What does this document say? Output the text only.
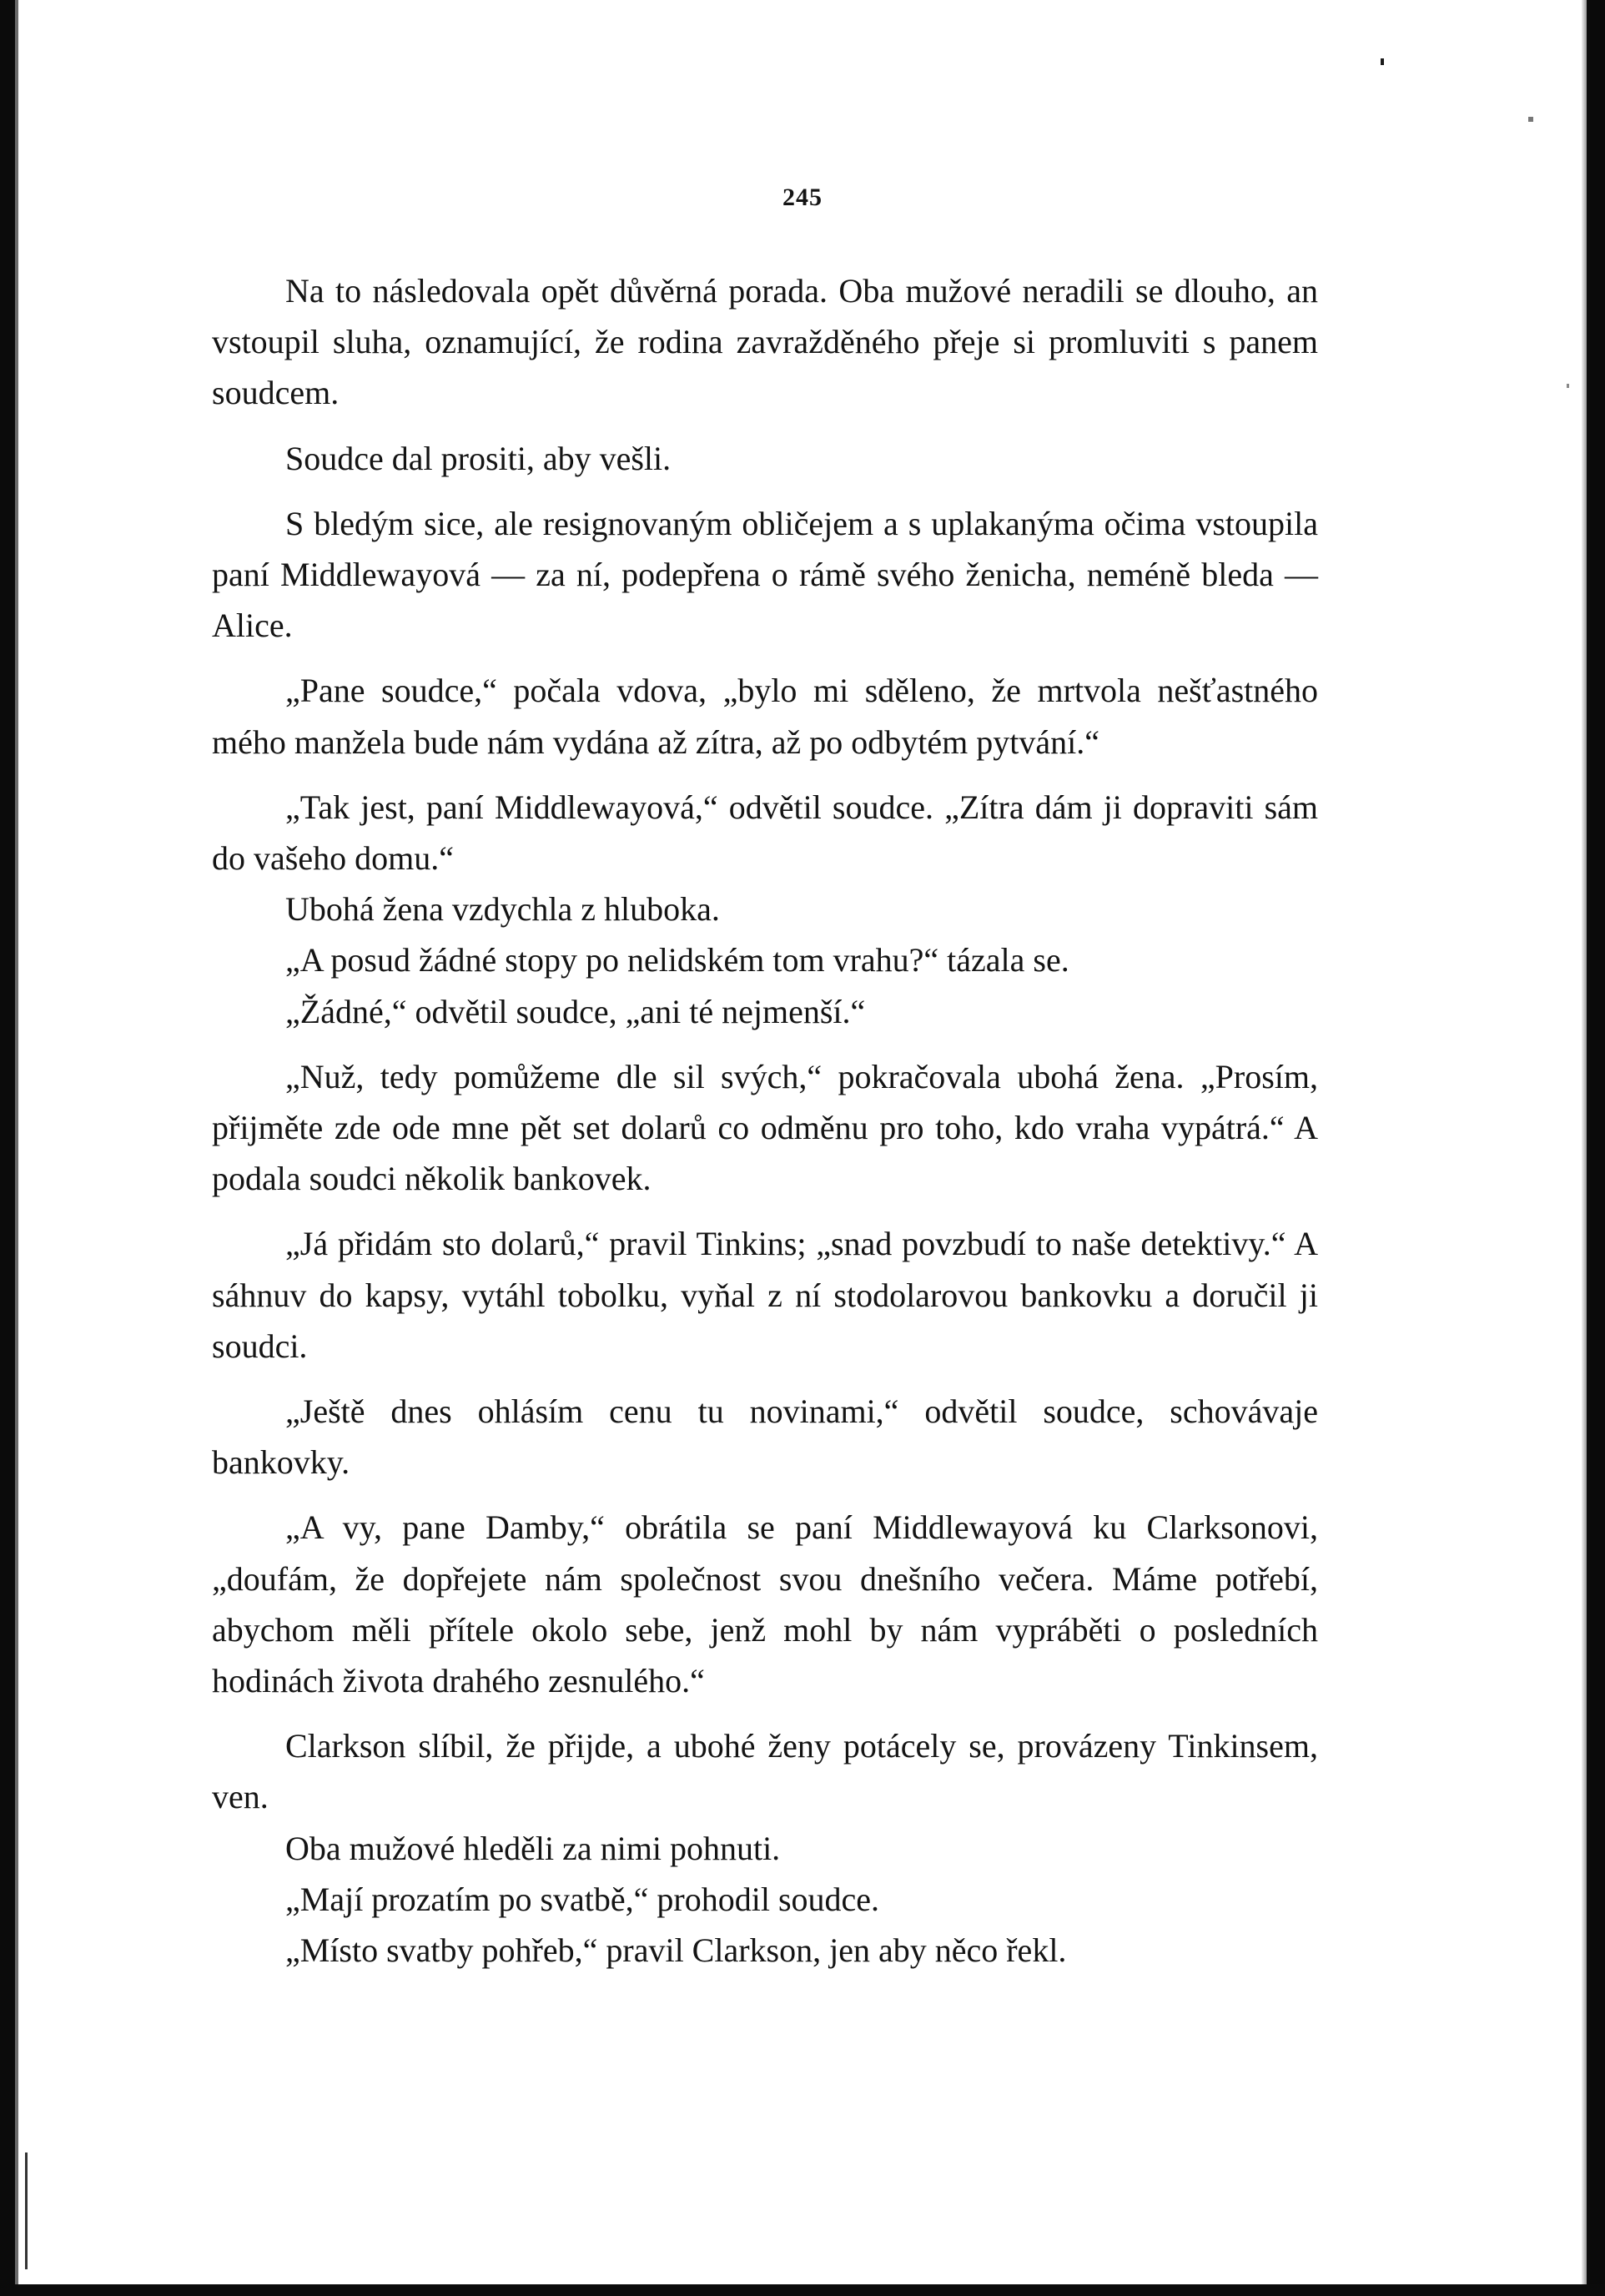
245

Na to následovala opět důvěrná porada. Oba mužové neradili se dlouho, an vstoupil sluha, oznamující, že rodina zavražděného přeje si promluviti s panem soudcem.

Soudce dal prositi, aby vešli.

S bledým sice, ale resignovaným obličejem a s uplakanýma očima vstoupila paní Middlewayová — za ní, podepřena o rámě svého ženicha, neméně bleda — Alice.

„Pane soudce,“ počala vdova, „bylo mi sděleno, že mrtvola nešťastného mého manžela bude nám vydána až zítra, až po odbytém pytvání.“

„Tak jest, paní Middlewayová,“ odvětil soudce. „Zítra dám ji dopraviti sám do vašeho domu.“

Ubohá žena vzdychla z hluboka.

„A posud žádné stopy po nelidském tom vrahu?“ tázala se.

„Žádné,“ odvětil soudce, „ani té nejmenší.“

„Nuž, tedy pomůžeme dle sil svých,“ pokračovala ubohá žena. „Prosím, přijměte zde ode mne pět set dolarů co odměnu pro toho, kdo vraha vypátrá.“ A podala soudci několik bankovek.

„Já přidám sto dolarů,“ pravil Tinkins; „snad povzbudí to naše detektivy.“ A sáhnuv do kapsy, vytáhl tobolku, vyňal z ní stodolarovou bankovku a doručil ji soudci.

„Ještě dnes ohlásím cenu tu novinami,“ odvětil soudce, schovávaje bankovky.

„A vy, pane Damby,“ obrátila se paní Middlewayová ku Clarksonovi, „doufám, že dopřejete nám společnost svou dnešního večera. Máme potřebí, abychom měli přítele okolo sebe, jenž mohl by nám vypráběti o posledních hodinách života drahého zesnulého.“

Clarkson slíbil, že přijde, a ubohé ženy potácely se, provázeny Tinkinsem, ven.

Oba mužové hleděli za nimi pohnuti.

„Mají prozatím po svatbě,“ prohodil soudce.

„Místo svatby pohřeb,“ pravil Clarkson, jen aby něco řekl.
